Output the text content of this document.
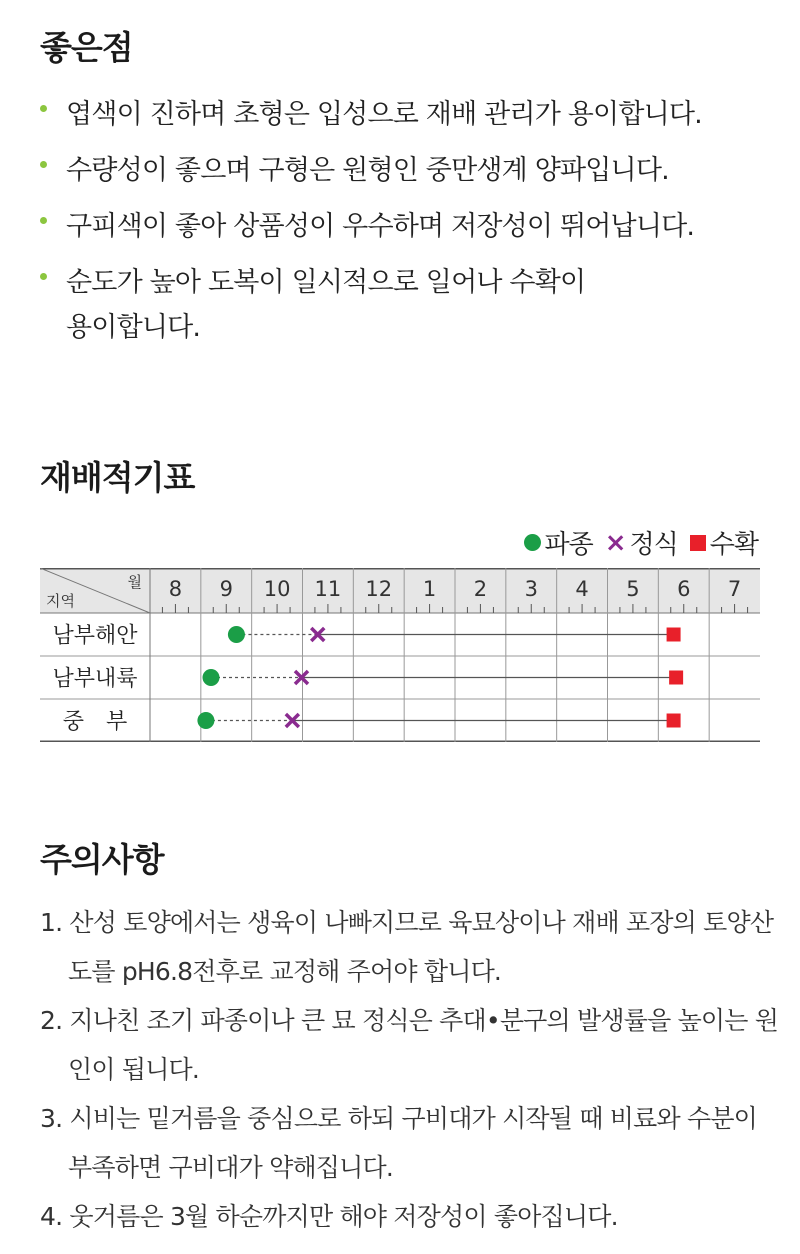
좋은점
엽색이 진하며 초형은 입성으로 재배 관리가 용이합니다.
수량성이 좋으며 구형은 원형인 중만생계 양파입니다.
구피색이 좋아 상품성이 우수하며 저장성이 뛰어납니다.
순도가 높아 도복이 일시적으로 일어나 수확이
용이합니다.
재배적기표
파종 × 정식 수확
월
지역	8 9 10 11 12 1 2 3 4 5 6 7
남부해안
남부내륙
중　부
주의사항
1. 산성 토양에서는 생육이 나빠지므로 육묘상이나 재배 포장의 토양산도를 pH6.8전후로 교정해 주어야 합니다.
2. 지나친 조기 파종이나 큰 묘 정식은 추대•분구의 발생률을 높이는 원인이 됩니다.
3. 시비는 밑거름을 중심으로 하되 구비대가 시작될 때 비료와 수분이 부족하면 구비대가 약해집니다.
4. 웃거름은 3월 하순까지만 해야 저장성이 좋아집니다.
